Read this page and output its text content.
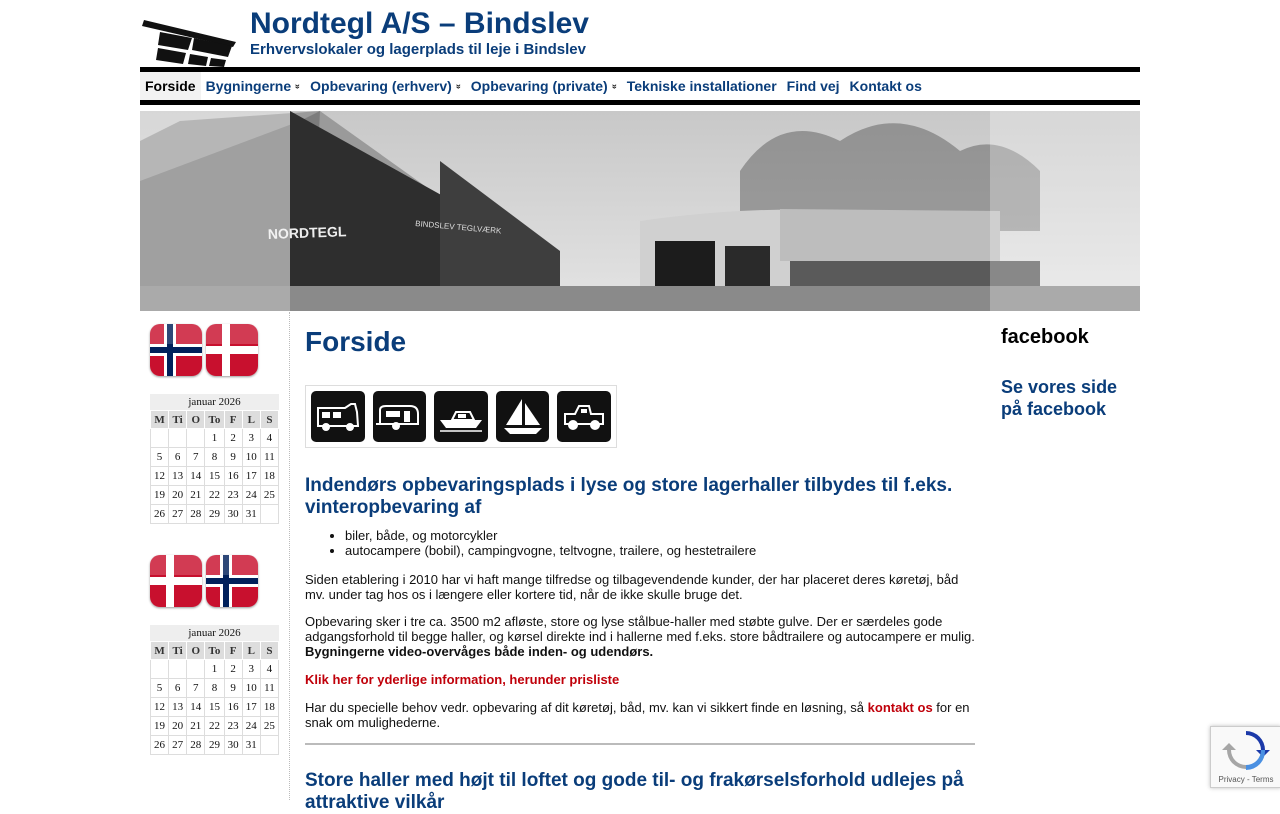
Nordtegl A/S – Bindslev
Erhvervslokaler og lagerplads til leje i Bindslev
Forside Bygningerne » Opbevaring (erhverv) » Opbevaring (private) » Tekniske installationer Find vej Kontakt os
NORDTEGL	BINDSLEV TEGLVÆRK
januar 2026
M	Ti	O	To	F	L	S
			1	2	3	4
5	6	7	8	9	10	11
12	13	14	15	16	17	18
19	20	21	22	23	24	25
26	27	28	29	30	31	
januar 2026
M	Ti	O	To	F	L	S
			1	2	3	4
5	6	7	8	9	10	11
12	13	14	15	16	17	18
19	20	21	22	23	24	25
26	27	28	29	30	31	
Forside
Indendørs opbevaringsplads i lyse og store lagerhaller tilbydes til f.eks. vinteropbevaring af
• biler, både, og motorcykler
• autocampere (bobil), campingvogne, teltvogne, trailere, og hestetrailere

Siden etablering i 2010 har vi haft mange tilfredse og tilbagevendende kunder, der har placeret deres køretøj, båd mv. under tag hos os i længere eller kortere tid, når de ikke skulle bruge det.

Opbevaring sker i tre ca. 3500 m2 afløste, store og lyse stålbue-haller med støbte gulve. Der er særdeles gode adgangsforhold til begge haller, og kørsel direkte ind i hallerne med f.eks. store bådtrailere og autocampere er mulig.
Bygningerne video-overvåges både inden- og udendørs.

Klik her for yderlige information, herunder prisliste

Har du specielle behov vedr. opbevaring af dit køretøj, båd, mv. kan vi sikkert finde en løsning, så kontakt os for en snak om mulighederne.

Store haller med højt til loftet og gode til- og frakørselsforhold udlejes på attraktive vilkår
facebook

Se vores side på facebook

Privacy - Terms
